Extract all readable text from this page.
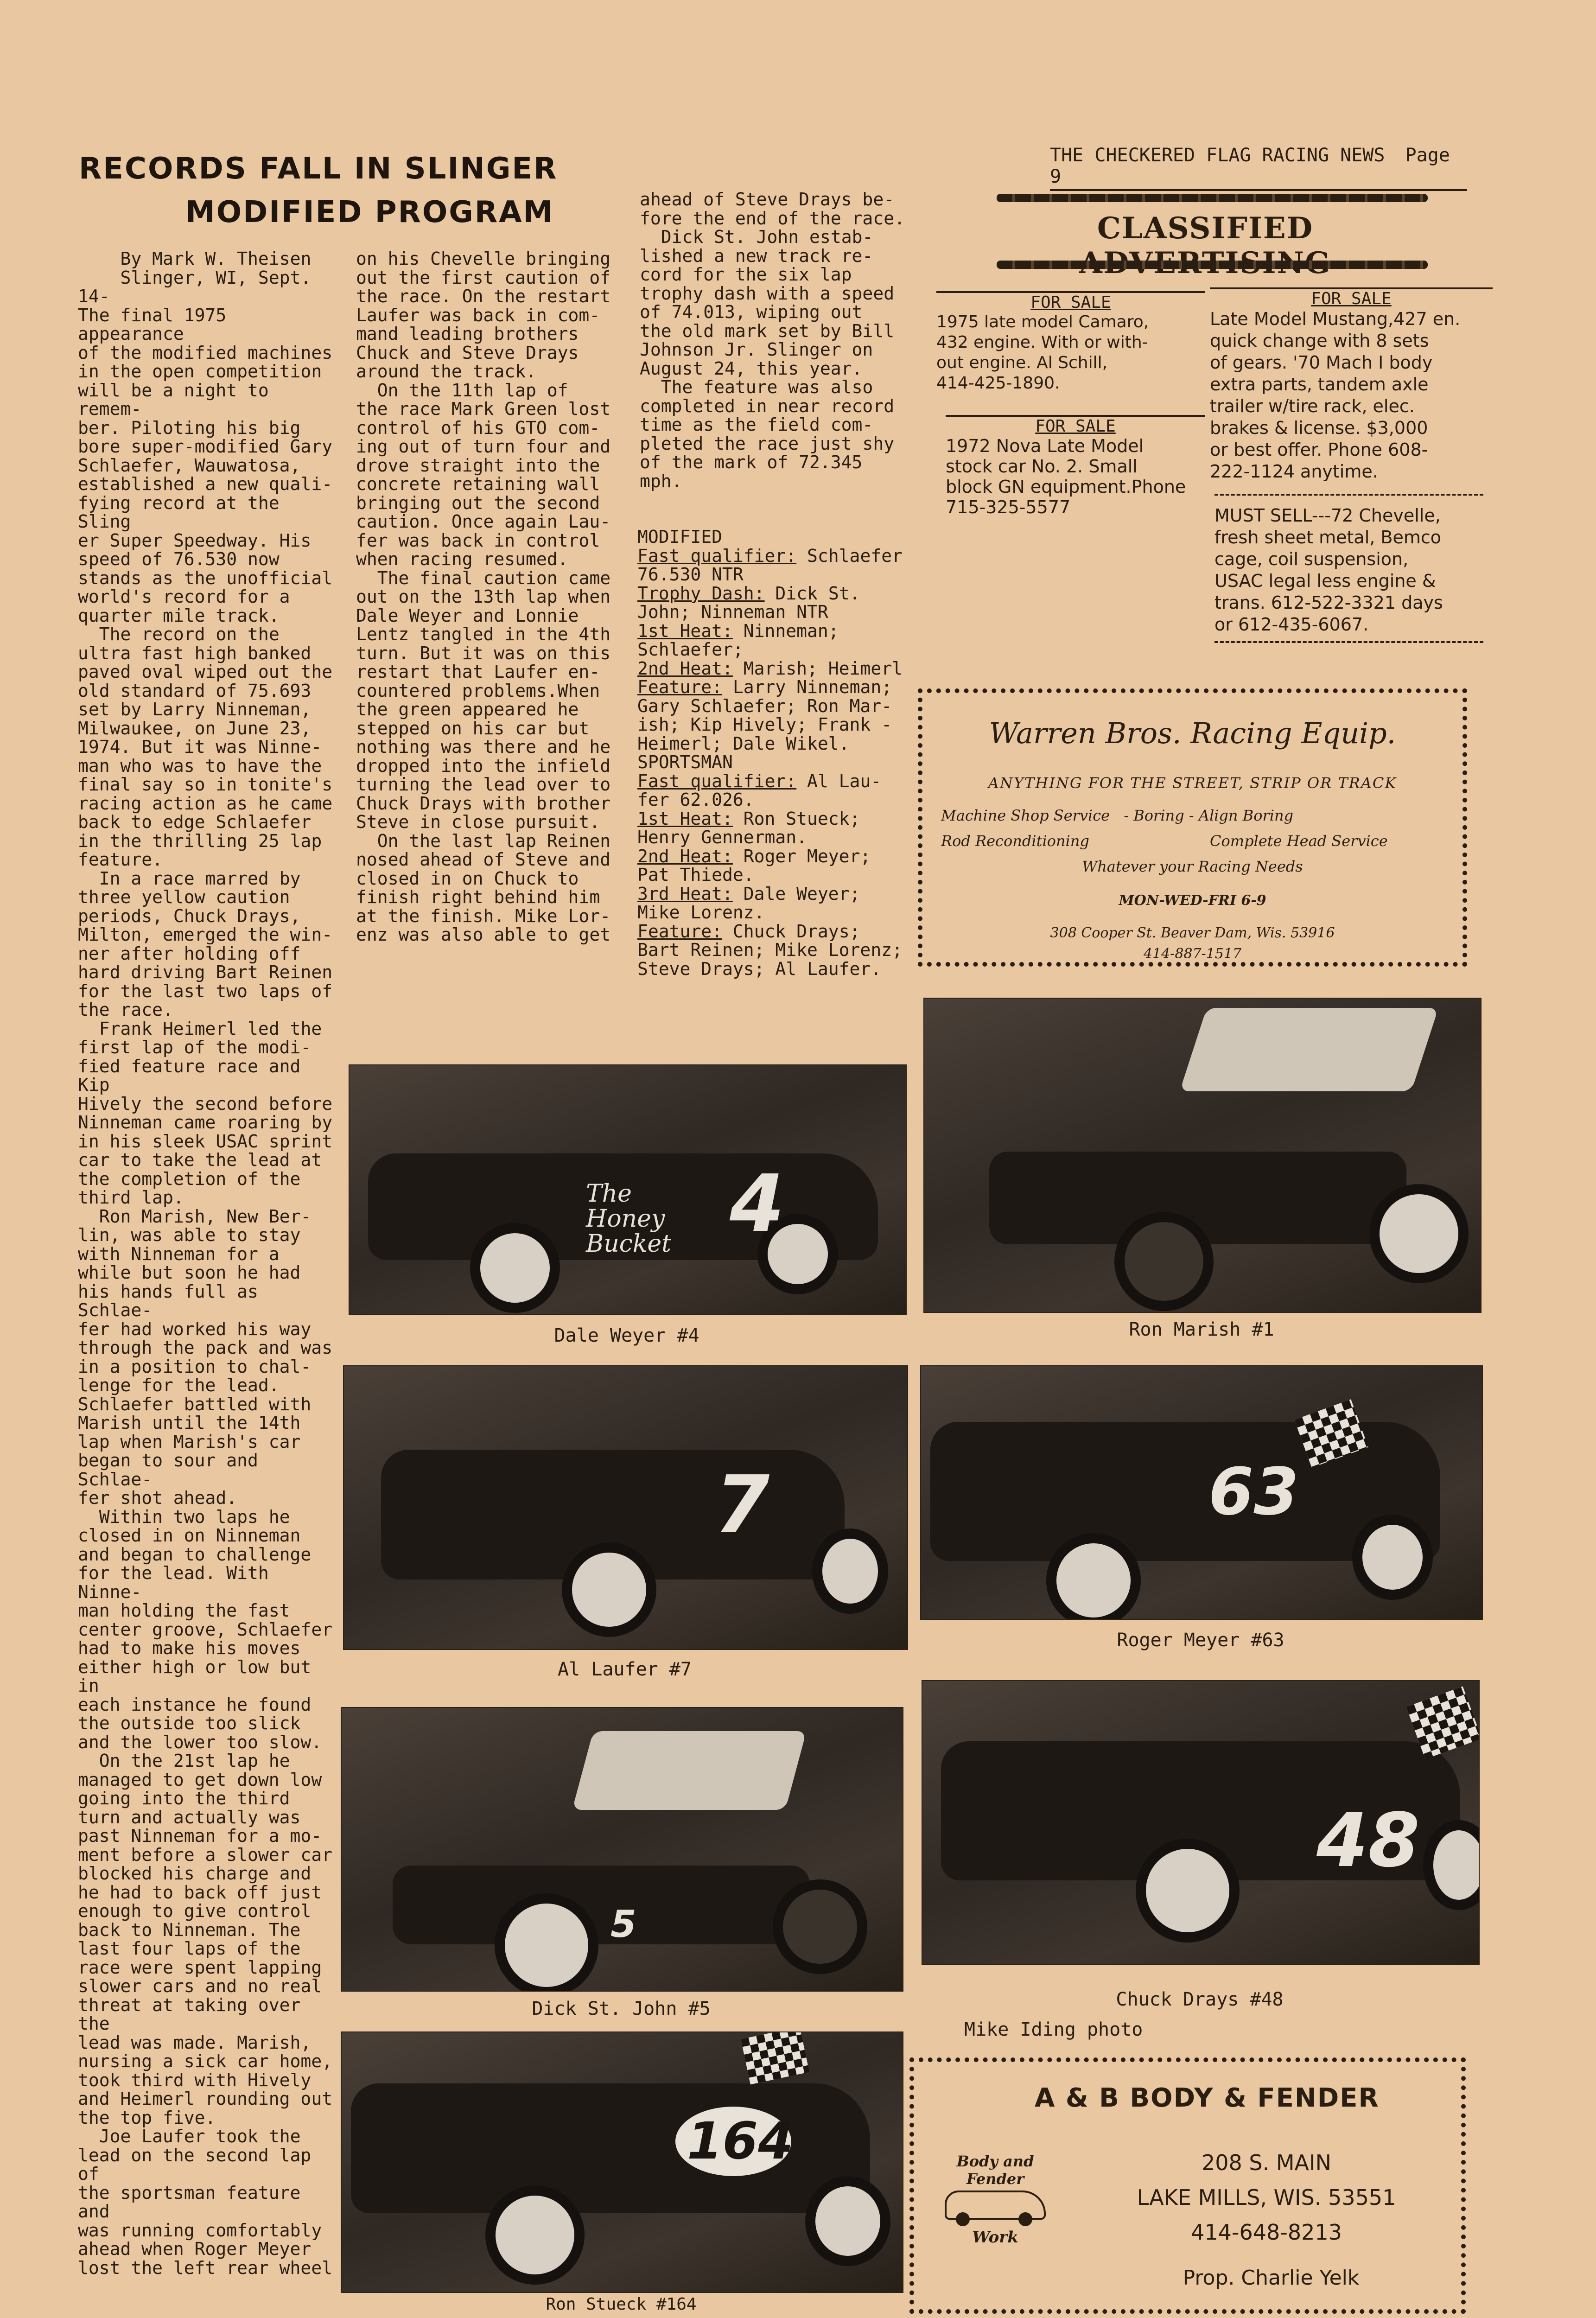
THE CHECKERED FLAG RACING NEWS Page 9
RECORDS FALL IN SLINGER
MODIFIED PROGRAM

By Mark W. Theisen

Slinger, WI, Sept. 14-

The final 1975 appearance

of the modified machines

in the open competition

will be a night to remem-

ber. Piloting his big

bore super-modified Gary

Schlaefer, Wauwatosa,

established a new quali-

fying record at the Sling

er Super Speedway. His

speed of 76.530 now

stands as the unofficial

world's record for a

quarter mile track.

The record on the

ultra fast high banked

paved oval wiped out the

old standard of 75.693

set by Larry Ninneman,

Milwaukee, on June 23,

1974. But it was Ninne-

man who was to have the

final say so in tonite's

racing action as he came

back to edge Schlaefer

in the thrilling 25 lap

feature.

In a race marred by

three yellow caution

periods, Chuck Drays,

Milton, emerged the win-

ner after holding off

hard driving Bart Reinen

for the last two laps of

the race.

Frank Heimerl led the

first lap of the modi-

fied feature race and Kip

Hively the second before

Ninneman came roaring by

in his sleek USAC sprint

car to take the lead at

the completion of the

third lap.

Ron Marish, New Ber-

lin, was able to stay

with Ninneman for a

while but soon he had

his hands full as Schlae-

fer had worked his way

through the pack and was

in a position to chal-

lenge for the lead.

Schlaefer battled with

Marish until the 14th

lap when Marish's car

began to sour and Schlae-

fer shot ahead.

Within two laps he

closed in on Ninneman

and began to challenge

for the lead. With Ninne-

man holding the fast

center groove, Schlaefer

had to make his moves

either high or low but in

each instance he found

the outside too slick

and the lower too slow.

On the 21st lap he

managed to get down low

going into the third

turn and actually was

past Ninneman for a mo-

ment before a slower car

blocked his charge and

he had to back off just

enough to give control

back to Ninneman. The

last four laps of the

race were spent lapping

slower cars and no real

threat at taking over the

lead was made. Marish,

nursing a sick car home,

took third with Hively

and Heimerl rounding out

the top five.

Joe Laufer took the

lead on the second lap of

the sportsman feature and

was running comfortably

ahead when Roger Meyer

lost the left rear wheel

on his Chevelle bringing

out the first caution of

the race. On the restart

Laufer was back in com-

mand leading brothers

Chuck and Steve Drays

around the track.

On the 11th lap of

the race Mark Green lost

control of his GTO com-

ing out of turn four and

drove straight into the

concrete retaining wall

bringing out the second

caution. Once again Lau-

fer was back in control

when racing resumed.

The final caution came

out on the 13th lap when

Dale Weyer and Lonnie

Lentz tangled in the 4th

turn. But it was on this

restart that Laufer en-

countered problems.When

the green appeared he

stepped on his car but

nothing was there and he

dropped into the infield

turning the lead over to

Chuck Drays with brother

Steve in close pursuit.

On the last lap Reinen

nosed ahead of Steve and

closed in on Chuck to

finish right behind him

at the finish. Mike Lor-

enz was also able to get

ahead of Steve Drays be-

fore the end of the race.

Dick St. John estab-

lished a new track re-

cord for the six lap

trophy dash with a speed

of 74.013, wiping out

the old mark set by Bill

Johnson Jr. Slinger on

August 24, this year.

The feature was also

completed in near record

time as the field com-

pleted the race just shy

of the mark of 72.345

mph.

MODIFIED

Fast qualifier: Schlaefer

76.530 NTR

Trophy Dash: Dick St.

John; Ninneman NTR

1st Heat: Ninneman;

Schlaefer;

2nd Heat: Marish; Heimerl

Feature: Larry Ninneman;

Gary Schlaefer; Ron Mar-

ish; Kip Hively; Frank -

Heimerl; Dale Wikel.

SPORTSMAN

Fast qualifier: Al Lau-

fer 62.026.

1st Heat: Ron Stueck;

Henry Gennerman.

2nd Heat: Roger Meyer;

Pat Thiede.

3rd Heat: Dale Weyer;

Mike Lorenz.

Feature: Chuck Drays;

Bart Reinen; Mike Lorenz;

Steve Drays; Al Laufer.

CLASSIFIED
FOR SALE
1975 late model Camaro,
432 engine. With or with-
out engine. Al Schill,
414-425-1890.
FOR SALE
1972 Nova Late Model
stock car No. 2. Small
block GN equipment.Phone
715-325-5577
FOR SALE
Late Model Mustang,427 en.
quick change with 8 sets
of gears. '70 Mach I body
extra parts, tandem axle
trailer w/tire rack, elec.
brakes & license. $3,000
or best offer. Phone 608-
222-1124 anytime.
MUST SELL---72 Chevelle,
fresh sheet metal, Bemco
cage, coil suspension,
USAC legal less engine &
trans. 612-522-3321 days
or 612-435-6067.
Warren Bros. Racing Equip.
ANYTHING FOR THE STREET, STRIP OR TRACK
Machine Shop Service - Boring - Align Boring
Rod Reconditioning	Complete Head Service
Whatever your Racing Needs
MON-WED-FRI 6-9
308 Cooper St. Beaver Dam, Wis. 53916
414-887-1517
4
The Honey Bucket
Dale Weyer #4	Ron Marish #1
7
Al Laufer #7
63
Roger Meyer #63
5
Dick St. John #5
48
Chuck Drays #48
Mike Iding photo
164
Ron Stueck #164
A & B BODY & FENDER
Body and
Fender
Work
208 S. MAIN
LAKE MILLS, WIS. 53551
414-648-8213
Prop. Charlie Yelk
